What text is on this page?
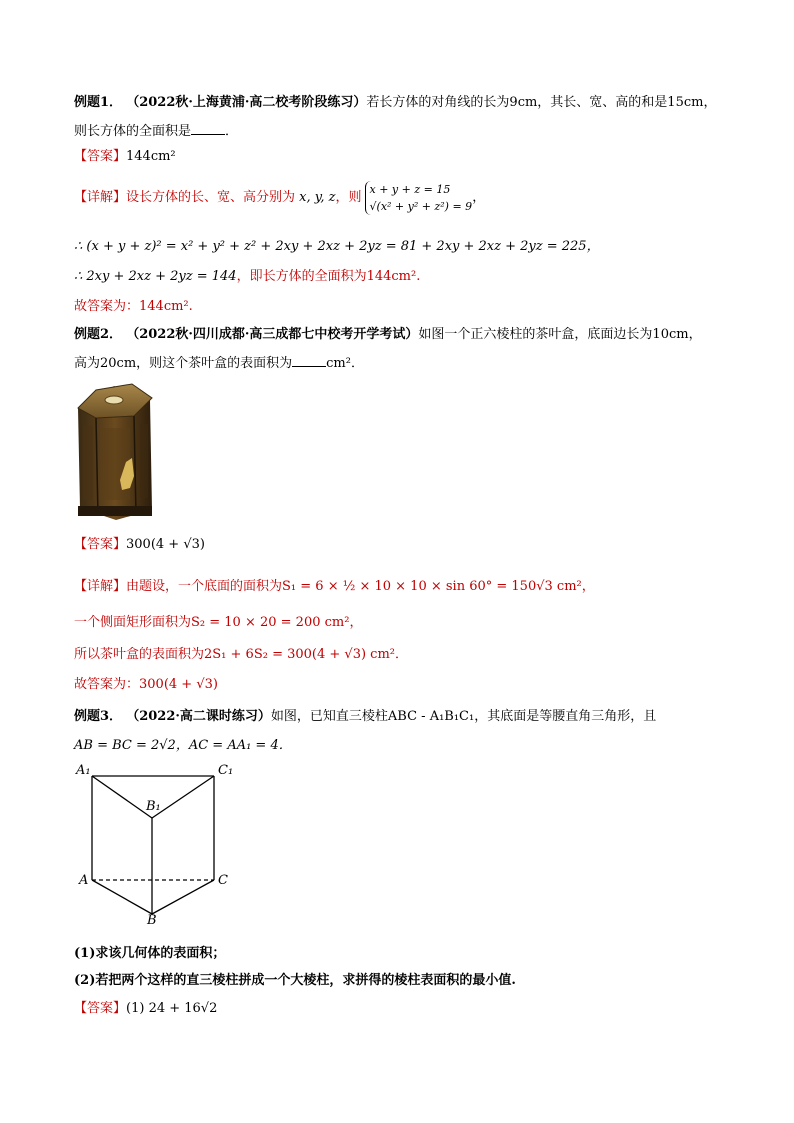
例题1． （2022秋·上海黄浦·高二校考阶段练习）若长方体的对角线的长为9cm，其长、宽、高的和是15cm，
则长方体的全面积是	．
【答案】144cm²
【详解】设长方体的长、宽、高分别为 x, y, z，则x + y + z = 15
√(x² + y² + z²) = 9，
∴ (x + y + z)² = x² + y² + z² + 2xy + 2xz + 2yz = 81 + 2xy + 2xz + 2yz = 225，
∴ 2xy + 2xz + 2yz = 144，即长方体的全面积为144cm².
故答案为：144cm².
例题2． （2022秋·四川成都·高三成都七中校考开学考试）如图一个正六棱柱的茶叶盒，底面边长为10cm，
高为20cm，则这个茶叶盒的表面积为	cm²．
【答案】300(4 + √3)
【详解】由题设，一个底面的面积为S₁ = 6 × ½ × 10 × 10 × sin 60° = 150√3 cm²，
一个侧面矩形面积为S₂ = 10 × 20 = 200 cm²，
所以茶叶盒的表面积为2S₁ + 6S₂ = 300(4 + √3) cm²．
故答案为：300(4 + √3)
例题3． （2022·高二课时练习）如图，已知直三棱柱ABC - A₁B₁C₁，其底面是等腰直角三角形，且
AB = BC = 2√2，AC = AA₁ = 4．
A₁	C₁
B₁
A	C
B
(1)求该几何体的表面积；
(2)若把两个这样的直三棱柱拼成一个大棱柱，求拼得的棱柱表面积的最小值.
【答案】(1) 24 + 16√2
